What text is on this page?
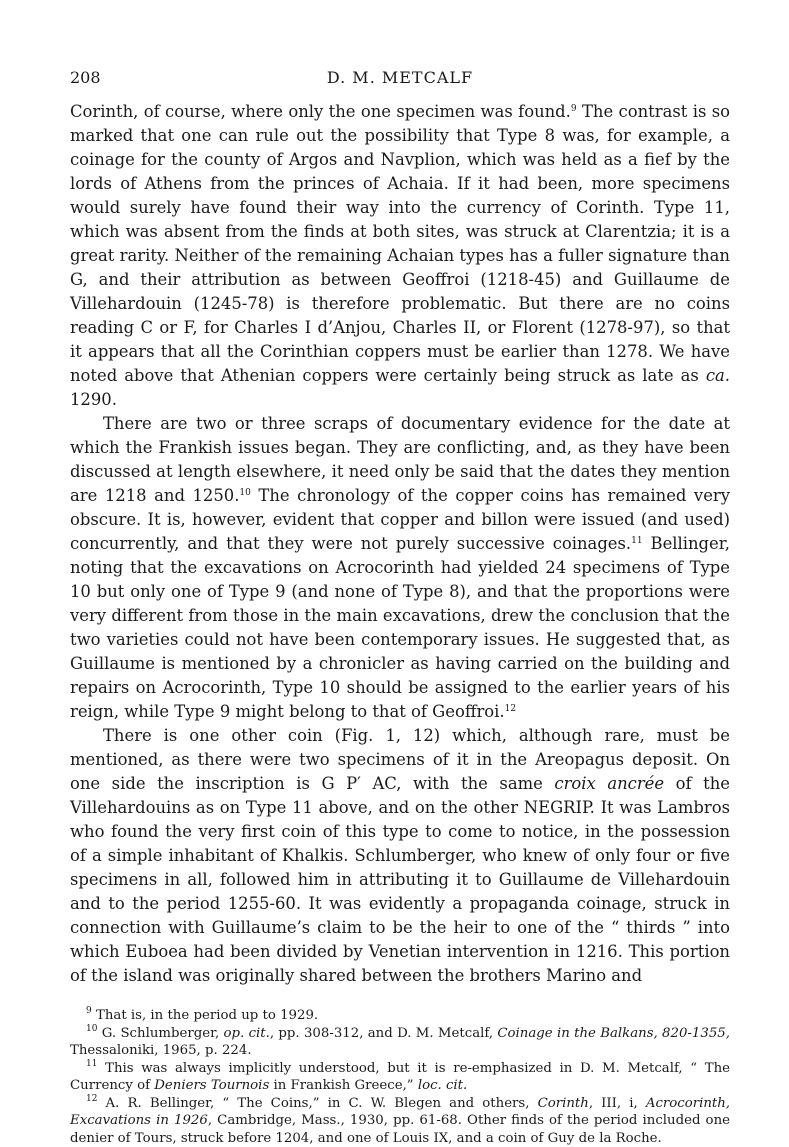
208	D. M. METCALF

Corinth, of course, where only the one specimen was found.$^9$ The contrast is so marked that one can rule out the possibility that Type 8 was, for example, a coinage for the county of Argos and Navplion, which was held as a fief by the lords of Athens from the princes of Achaia. If it had been, more specimens would surely have found their way into the currency of Corinth. Type 11, which was absent from the finds at both sites, was struck at Clarentzia; it is a great rarity. Neither of the remaining Achaian types has a fuller signature than G, and their attribution as between Geoffroi (1218-45) and Guillaume de Villehardouin (1245-78) is therefore problematic. But there are no coins reading C or F, for Charles I d’Anjou, Charles II, or Florent (1278-97), so that it appears that all the Corinthian coppers must be earlier than 1278. We have noted above that Athenian coppers were certainly being struck as late as ca. 1290.

There are two or three scraps of documentary evidence for the date at which the Frankish issues began. They are conflicting, and, as they have been discussed at length elsewhere, it need only be said that the dates they mention are 1218 and 1250.10 The chronology of the copper coins has remained very obscure. It is, however, evident that copper and billon were issued (and used) concurrently, and that they were not purely successive coinages.$^{11}$ Bellinger, noting that the excavations on Acrocorinth had yielded 24 specimens of Type 10 but only one of Type 9 (and none of Type 8), and that the proportions were very different from those in the main excavations, drew the conclusion that the two varieties could not have been contemporary issues. He suggested that, as Guillaume is mentioned by a chronicler as having carried on the building and repairs on Acrocorinth, Type 10 should be assigned to the earlier years of his reign, while Type 9 might belong to that of Geoffroi.$^{12}$

There is one other coin (Fig. 1, 12) which, although rare, must be mentioned, as there were two specimens of it in the Areopagus deposit. On one side the inscription is G P′ AC, with the same croix ancrée of the Villehardouins as on Type 11 above, and on the other NEGRIP. It was Lambros who found the very first coin of this type to come to notice, in the possession of a simple inhabitant of Khalkis. Schlumberger, who knew of only four or five specimens in all, followed him in attributing it to Guillaume de Villehardouin and to the period 1255-60. It was evidently a propaganda coinage, struck in connection with Guillaume’s claim to be the heir to one of the “ thirds ” into which Euboea had been divided by Venetian intervention in 1216. This portion of the island was originally shared between the brothers Marino and

$^9$ That is, in the period up to 1929.

$^{10}$ G. Schlumberger, op. cit., pp. 308-312, and D. M. Metcalf, Coinage in the Balkans, 820-1355, Thessaloniki, 1965, p. 224.

$^{11}$ This was always implicitly understood, but it is re-emphasized in D. M. Metcalf, “ The Currency of Deniers Tournois in Frankish Greece,” loc. cit.

$^{12}$ A. R. Bellinger, “ The Coins,” in C. W. Blegen and others, Corinth, III, i, Acrocorinth, Excavations in 1926, Cambridge, Mass., 1930, pp. 61-68. Other finds of the period included one denier of Tours, struck before 1204, and one of Louis IX, and a coin of Guy de la Roche.
